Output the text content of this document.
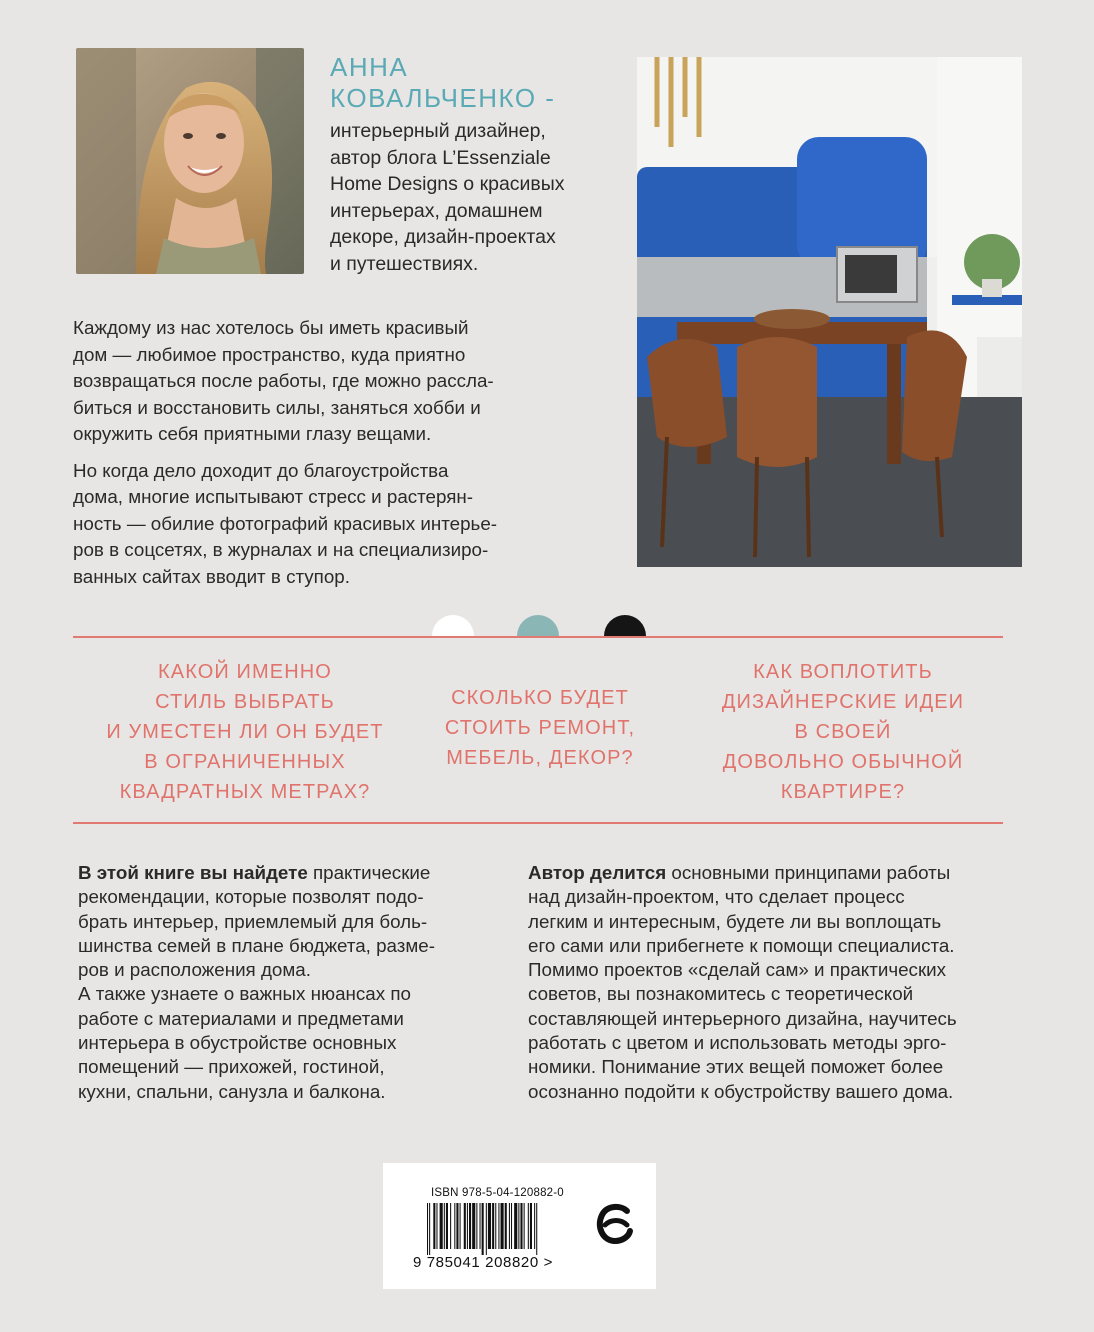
АННА
КОВАЛЬЧЕНКО -
интерьерный дизайнер,
автор блога L’Essenziale
Home Designs о красивых
интерьерах, домашнем
декоре, дизайн-проектах
и путешествиях.

Каждому из нас хотелось бы иметь красивый
дом — любимое пространство, куда приятно
возвращаться после работы, где можно рассла-
биться и восстановить силы, заняться хобби и
окружить себя приятными глазу вещами.

Но когда дело доходит до благоустройства
дома, многие испытывают стресс и растерян-
ность — обилие фотографий красивых интерье-
ров в соцсетях, в журналах и на специализиро-
ванных сайтах вводит в ступор.

КАКОЙ ИМЕННО
СТИЛЬ ВЫБРАТЬ
И УМЕСТЕН ЛИ ОН БУДЕТ
В ОГРАНИЧЕННЫХ
КВАДРАТНЫХ МЕТРАХ?
СКОЛЬКО БУДЕТ
СТОИТЬ РЕМОНТ,
МЕБЕЛЬ, ДЕКОР?
КАК ВОПЛОТИТЬ
ДИЗАЙНЕРСКИЕ ИДЕИ
В СВОЕЙ
ДОВОЛЬНО ОБЫЧНОЙ
КВАРТИРЕ?
В этой книге вы найдете практические
рекомендации, которые позволят подо-
брать интерьер, приемлемый для боль-
шинства семей в плане бюджета, разме-
ров и расположения дома.
А также узнаете о важных нюансах по
работе с материалами и предметами
интерьера в обустройстве основных
помещений — прихожей, гостиной,
кухни, спальни, санузла и балкона.
Автор делится основными принципами работы
над дизайн-проектом, что сделает процесс
легким и интересным, будете ли вы воплощать
его сами или прибегнете к помощи специалиста.
Помимо проектов «сделай сам» и практических
советов, вы познакомитесь с теоретической
составляющей интерьерного дизайна, научитесь
работать с цветом и использовать методы эрго-
номики. Понимание этих вещей поможет более
осознанно подойти к обустройству вашего дома.
ISBN 978-5-04-120882-0
9 785041 208820 >
